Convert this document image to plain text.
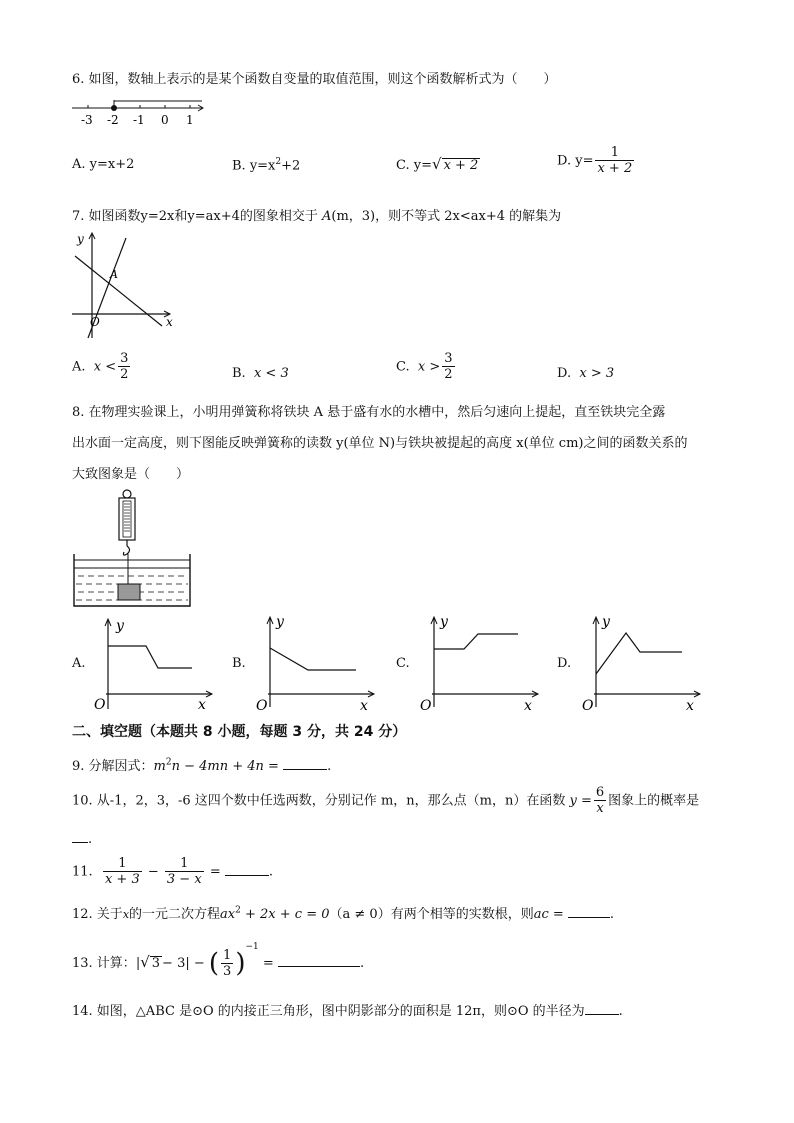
6. 如图，数轴上表示的是某个函数自变量的取值范围，则这个函数解析式为（　　）
-3 -2 -1 0 1
A. y=x+2	B. $y=x^2+2$	C. y=√ x + 2	D. $y= \frac{1}{x + 2}$
7. 如图函数y=2x和y=ax+4的图象相交于 A(m，3)，则不等式 2x<ax+4 的解集为
y
x
O
A
A. $x < \frac{3}{2}$	B. x < 3	C. $x > \frac{3}{2}$	D. x > 3
8. 在物理实验课上，小明用弹簧称将铁块 A 悬于盛有水的水槽中，然后匀速向上提起，直至铁块完全露
出水面一定高度，则下图能反映弹簧称的读数 y(单位 N)与铁块被提起的高度 x(单位 cm)之间的函数关系的
大致图象是（　　）
A.
y
x
O
B.
y
x
O
C.
y
x
O
D.
y
x
O
二、填空题（本题共 8 小题，每题 3 分，共 24 分）
9. 分解因式：$m^2n - 4mn + 4n$ =	.
10. 从-1，2，3，-6 这四个数中任选两数，分别记作 m，n，那么点（m，n）在函数 $y = \frac{6}{x}$ 图象上的概率是
.
11. $\frac{1}{x + 3} - \frac{1}{3 - x}$ =	.
12. 关于x的一元二次方程$ax^2 + 2x + c = 0(a \ne 0)$有两个相等的实数根，则ac =	.
13. 计算：|√ 3 − 3| − ( $\frac{1}{3} )^{-1}$ =	.
14. 如图，△ABC 是⊙O 的内接正三角形，图中阴影部分的面积是 12π，则⊙O 的半径为	.
